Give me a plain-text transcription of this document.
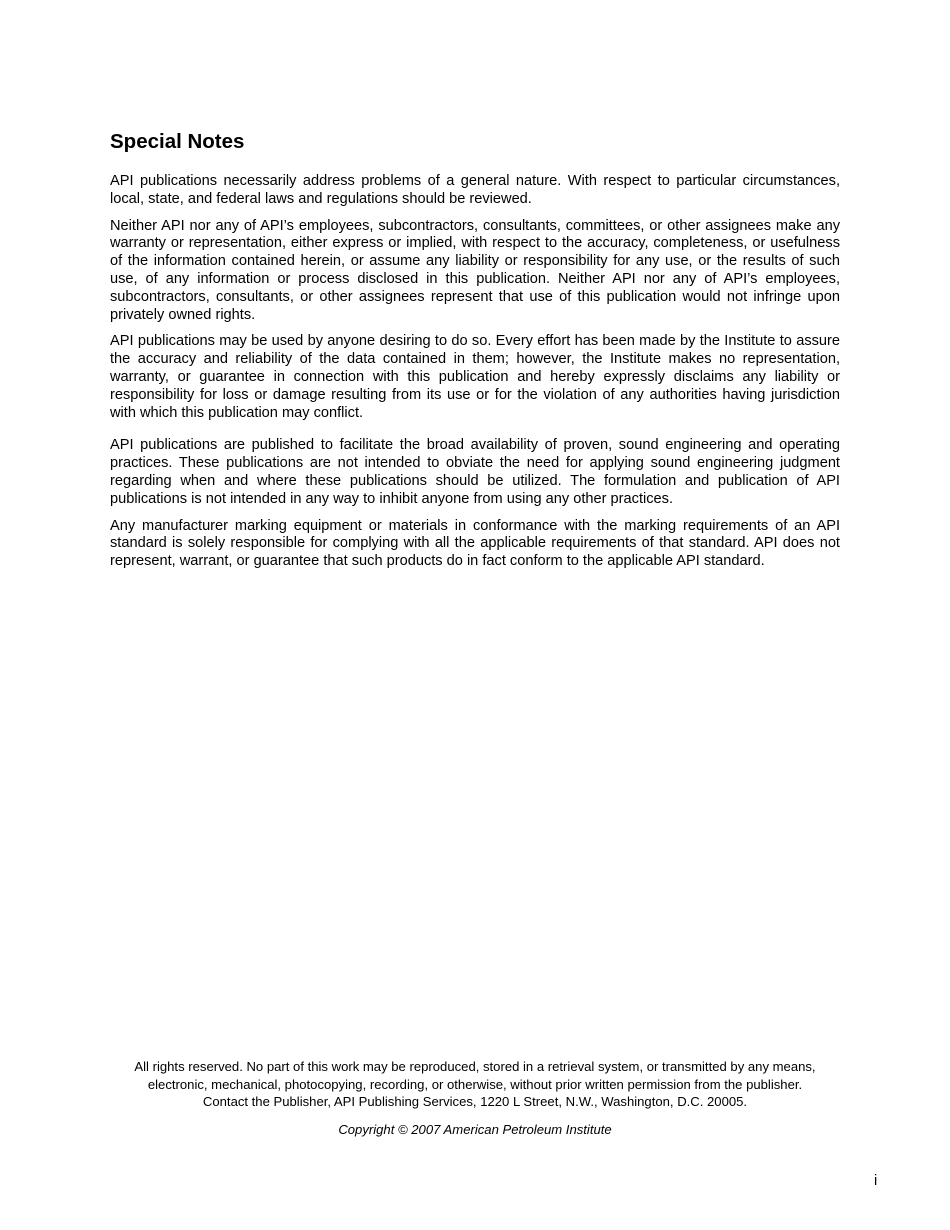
Special Notes

API publications necessarily address problems of a general nature. With respect to particular circumstances, local, state, and federal laws and regulations should be reviewed.

Neither API nor any of API’s employees, subcontractors, consultants, committees, or other assignees make any warranty or representation, either express or implied, with respect to the accuracy, completeness, or usefulness of the information contained herein, or assume any liability or responsibility for any use, or the results of such use, of any information or process disclosed in this publication. Neither API nor any of API’s employees, subcontractors, consultants, or other assignees represent that use of this publication would not infringe upon privately owned rights.

API publications may be used by anyone desiring to do so. Every effort has been made by the Institute to assure the accuracy and reliability of the data contained in them; however, the Institute makes no representation, warranty, or guarantee in connection with this publication and hereby expressly disclaims any liability or responsibility for loss or damage resulting from its use or for the violation of any authorities having jurisdiction with which this publication may conflict.

API publications are published to facilitate the broad availability of proven, sound engineering and operating practices. These publications are not intended to obviate the need for applying sound engineering judgment regarding when and where these publications should be utilized. The formulation and publication of API publications is not intended in any way to inhibit anyone from using any other practices.

Any manufacturer marking equipment or materials in conformance with the marking requirements of an API standard is solely responsible for complying with all the applicable requirements of that standard. API does not represent, warrant, or guarantee that such products do in fact conform to the applicable API standard.

All rights reserved. No part of this work may be reproduced, stored in a retrieval system, or transmitted by any means,
electronic, mechanical, photocopying, recording, or otherwise, without prior written permission from the publisher.
Contact the Publisher, API Publishing Services, 1220 L Street, N.W., Washington, D.C. 20005.

Copyright © 2007 American Petroleum Institute

i
